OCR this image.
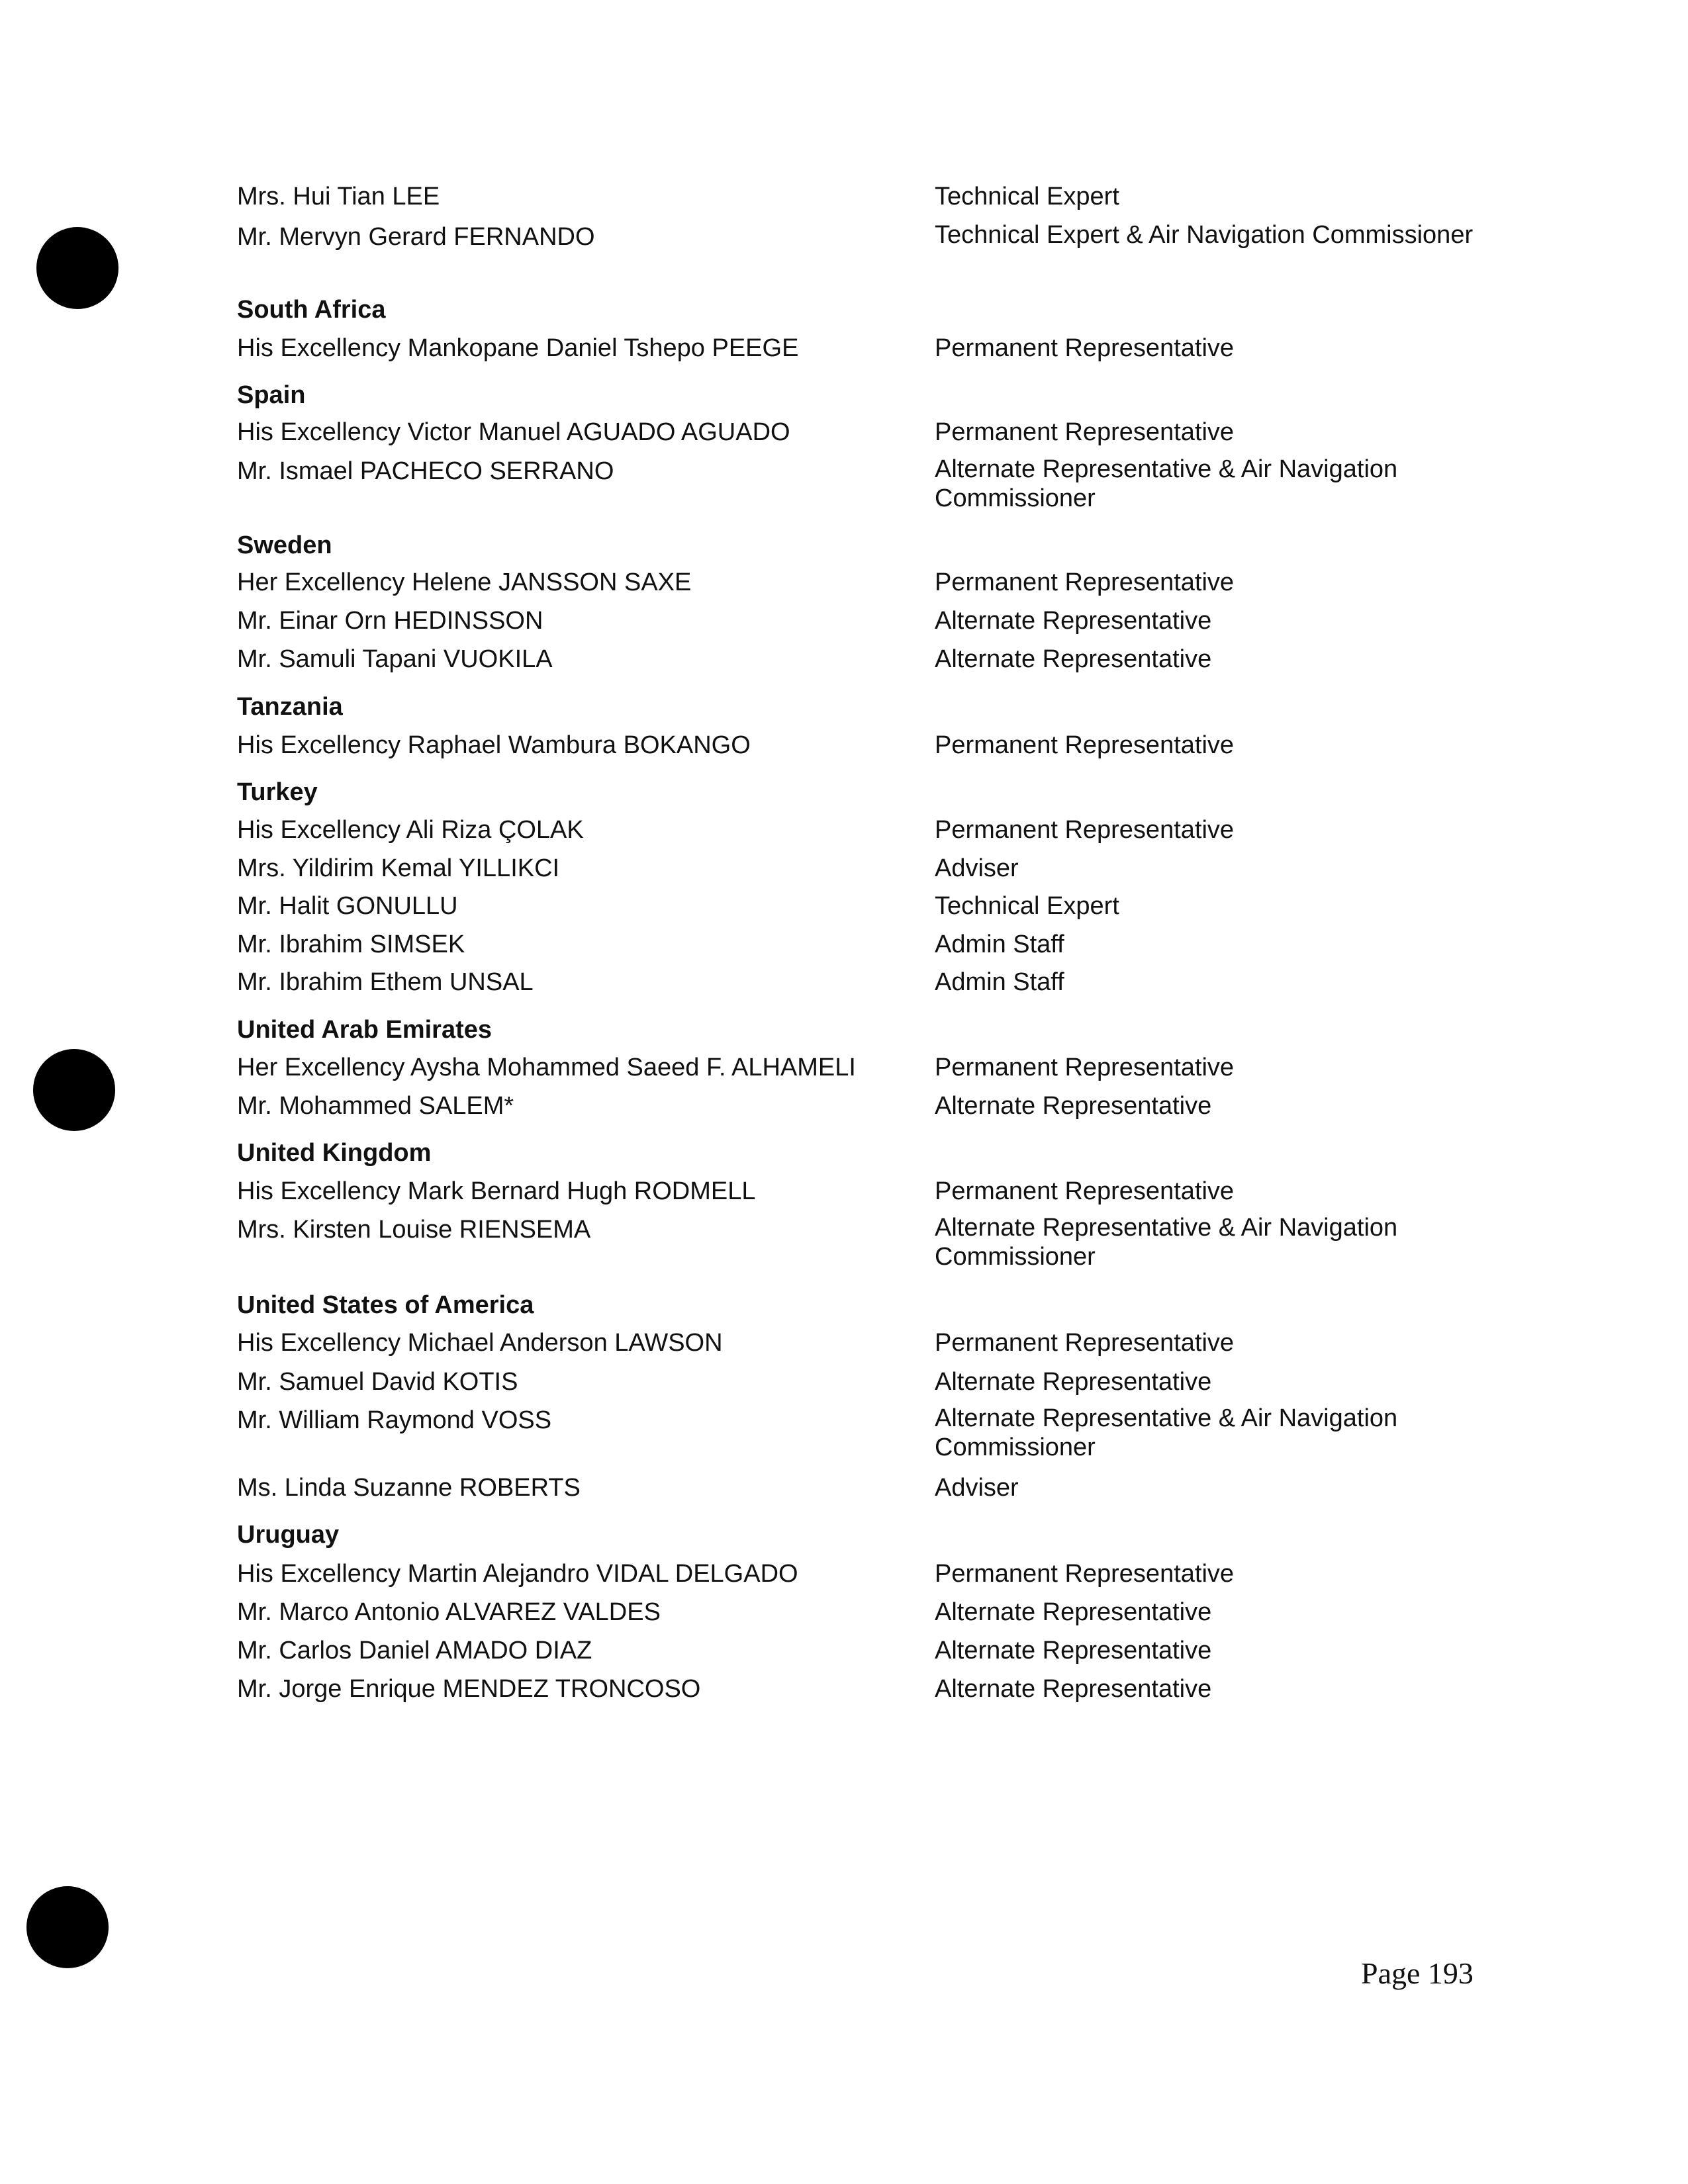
Mrs. Hui Tian LEE	Technical Expert
Mr. Mervyn Gerard FERNANDO	Technical Expert & Air Navigation Commissioner
South Africa
His Excellency Mankopane Daniel Tshepo PEEGE	Permanent Representative
Spain
His Excellency Victor Manuel AGUADO AGUADO	Permanent Representative
Mr. Ismael PACHECO SERRANO	Alternate Representative & Air Navigation Commissioner
Sweden
Her Excellency Helene JANSSON SAXE	Permanent Representative
Mr. Einar Orn HEDINSSON	Alternate Representative
Mr. Samuli Tapani VUOKILA	Alternate Representative
Tanzania
His Excellency Raphael Wambura BOKANGO	Permanent Representative
Turkey
His Excellency Ali Riza ÇOLAK	Permanent Representative
Mrs. Yildirim Kemal YILLIKCI	Adviser
Mr. Halit GONULLU	Technical Expert
Mr. Ibrahim SIMSEK	Admin Staff
Mr. Ibrahim Ethem UNSAL	Admin Staff
United Arab Emirates
Her Excellency Aysha Mohammed Saeed F. ALHAMELI	Permanent Representative
Mr. Mohammed SALEM*	Alternate Representative
United Kingdom
His Excellency Mark Bernard Hugh RODMELL	Permanent Representative
Mrs. Kirsten Louise RIENSEMA	Alternate Representative & Air Navigation Commissioner
United States of America
His Excellency Michael Anderson LAWSON	Permanent Representative
Mr. Samuel David KOTIS	Alternate Representative
Mr. William Raymond VOSS	Alternate Representative & Air Navigation Commissioner
Ms. Linda Suzanne ROBERTS	Adviser
Uruguay
His Excellency Martin Alejandro VIDAL DELGADO	Permanent Representative
Mr. Marco Antonio ALVAREZ VALDES	Alternate Representative
Mr. Carlos Daniel AMADO DIAZ	Alternate Representative
Mr. Jorge Enrique MENDEZ TRONCOSO	Alternate Representative
Page 193
